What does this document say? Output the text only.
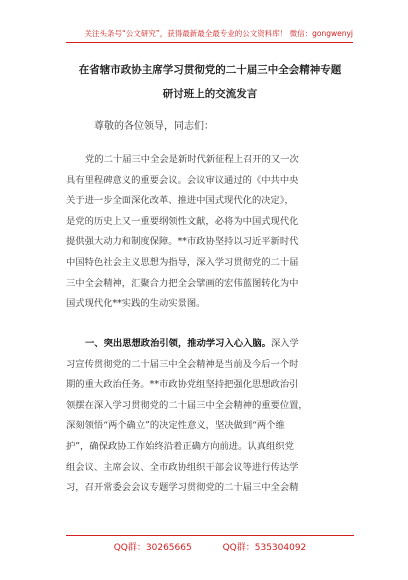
关注头条号“公文研究”，获得最新最全最专业的公文资料库！ 微信：gongwenyj
在省辖市政协主席学习贯彻党的二十届三中全会精神专题
研讨班上的交流发言
尊敬的各位领导，同志们：
党的二十届三中全会是新时代新征程上召开的又一次
具有里程碑意义的重要会议。会议审议通过的《中共中央
关于进一步全面深化改革、推进中国式现代化的决定》，
是党的历史上又一重要纲领性文献，必将为中国式现代化
提供强大动力和制度保障。**市政协坚持以习近平新时代
中国特色社会主义思想为指导，深入学习贯彻党的二十届
三中全会精神，汇聚合力把全会擘画的宏伟蓝图转化为中
国式现代化**实践的生动实景图。
一、突出思想政治引领，推动学习入心入脑。深入学
习宣传贯彻党的二十届三中全会精神是当前及今后一个时
期的重大政治任务。**市政协党组坚持把强化思想政治引
领摆在深入学习贯彻党的二十届三中全会精神的重要位置，
深刻领悟“两个确立”的决定性意义，坚决做到“两个维
护”，确保政协工作始终沿着正确方向前进。认真组织党
组会议、主席会议、全市政协组织干部会议等进行传达学
习，召开常委会会议专题学习贯彻党的二十届三中全会精
QQ群：30265665	QQ群：535304092
